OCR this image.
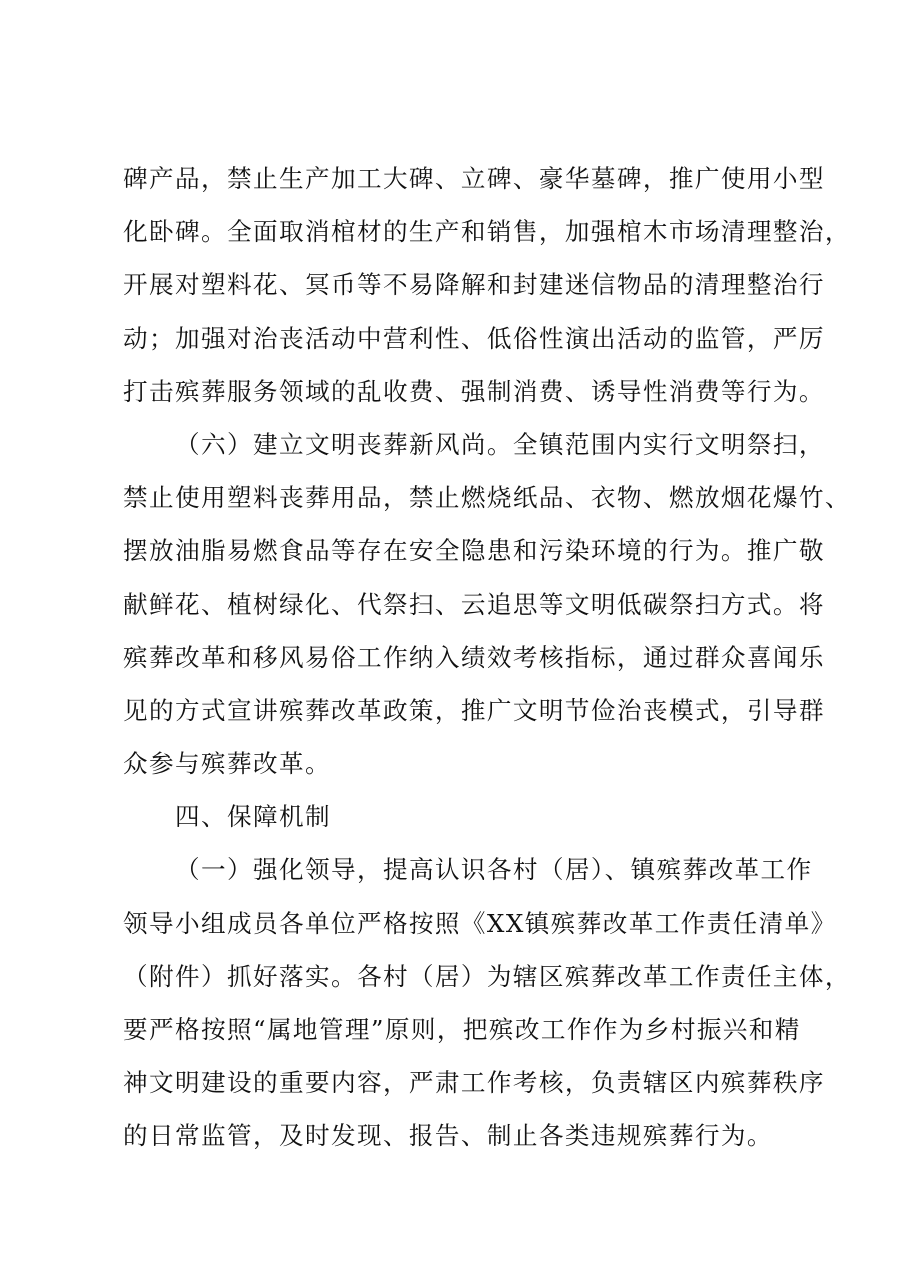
碑产品，禁止生产加工大碑、立碑、豪华墓碑，推广使用小型
化卧碑。全面取消棺材的生产和销售，加强棺木市场清理整治，
开展对塑料花、冥币等不易降解和封建迷信物品的清理整治行
动；加强对治丧活动中营利性、低俗性演出活动的监管，严厉
打击殡葬服务领域的乱收费、强制消费、诱导性消费等行为。
（六）建立文明丧葬新风尚。全镇范围内实行文明祭扫，
禁止使用塑料丧葬用品，禁止燃烧纸品、衣物、燃放烟花爆竹、
摆放油脂易燃食品等存在安全隐患和污染环境的行为。推广敬
献鲜花、植树绿化、代祭扫、云追思等文明低碳祭扫方式。将
殡葬改革和移风易俗工作纳入绩效考核指标，通过群众喜闻乐
见的方式宣讲殡葬改革政策，推广文明节俭治丧模式，引导群
众参与殡葬改革。
四、保障机制
（一）强化领导，提高认识各村（居）、镇殡葬改革工作
领导小组成员各单位严格按照《XX镇殡葬改革工作责任清单》
（附件）抓好落实。各村（居）为辖区殡葬改革工作责任主体，
要严格按照“属地管理”原则，把殡改工作作为乡村振兴和精
神文明建设的重要内容，严肃工作考核，负责辖区内殡葬秩序
的日常监管，及时发现、报告、制止各类违规殡葬行为。
